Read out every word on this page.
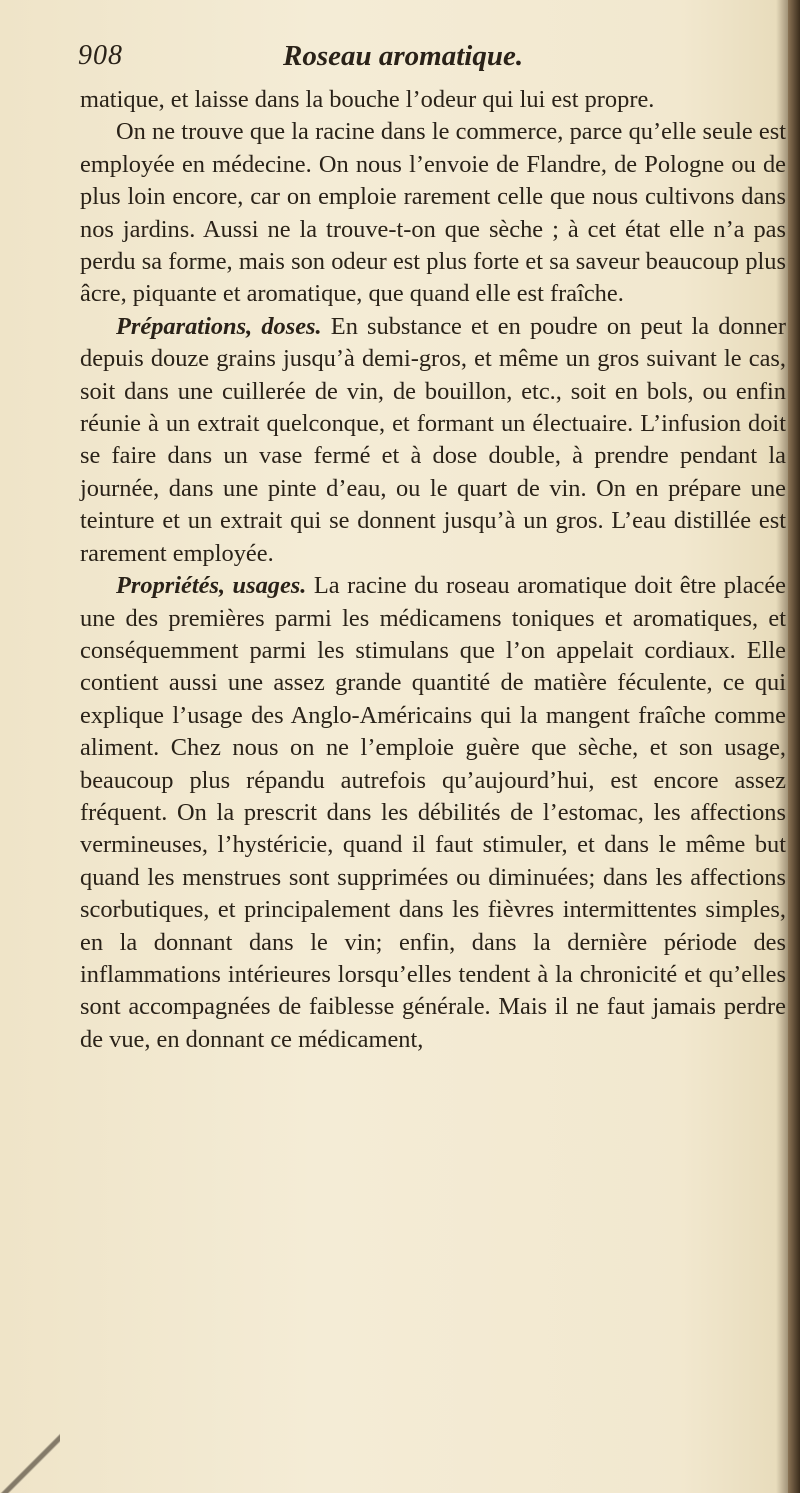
908	Roseau aromatique.

matique, et laisse dans la bouche l’odeur qui lui est propre.

On ne trouve que la racine dans le commerce, parce qu’elle seule est employée en médecine. On nous l’envoie de Flandre, de Pologne ou de plus loin encore, car on emploie rarement celle que nous cultivons dans nos jardins. Aussi ne la trouve-t-on que sèche ; à cet état elle n’a pas perdu sa forme, mais son odeur est plus forte et sa saveur beaucoup plus âcre, piquante et aromatique, que quand elle est fraîche.

Préparations, doses. En substance et en poudre on peut la donner depuis douze grains jusqu’à demi-gros, et même un gros suivant le cas, soit dans une cuillerée de vin, de bouillon, etc., soit en bols, ou enfin réunie à un extrait quelconque, et formant un électuaire. L’infusion doit se faire dans un vase fermé et à dose double, à prendre pendant la journée, dans une pinte d’eau, ou le quart de vin. On en prépare une teinture et un extrait qui se donnent jusqu’à un gros. L’eau distillée est rarement employée.

Propriétés, usages. La racine du roseau aromatique doit être placée une des premières parmi les médicamens toniques et aromatiques, et conséquemment parmi les stimulans que l’on appelait cordiaux. Elle contient aussi une assez grande quantité de matière féculente, ce qui explique l’usage des Anglo-Américains qui la mangent fraîche comme aliment. Chez nous on ne l’emploie guère que sèche, et son usage, beaucoup plus répandu autrefois qu’aujourd’hui, est encore assez fréquent. On la prescrit dans les débilités de l’estomac, les affections vermineuses, l’hystéricie, quand il faut stimuler, et dans le même but quand les menstrues sont supprimées ou diminuées; dans les affections scorbutiques, et principalement dans les fièvres intermittentes simples, en la donnant dans le vin; enfin, dans la dernière période des inflammations intérieures lorsqu’elles tendent à la chronicité et qu’elles sont accompagnées de faiblesse générale. Mais il ne faut jamais perdre de vue, en donnant ce médicament,
